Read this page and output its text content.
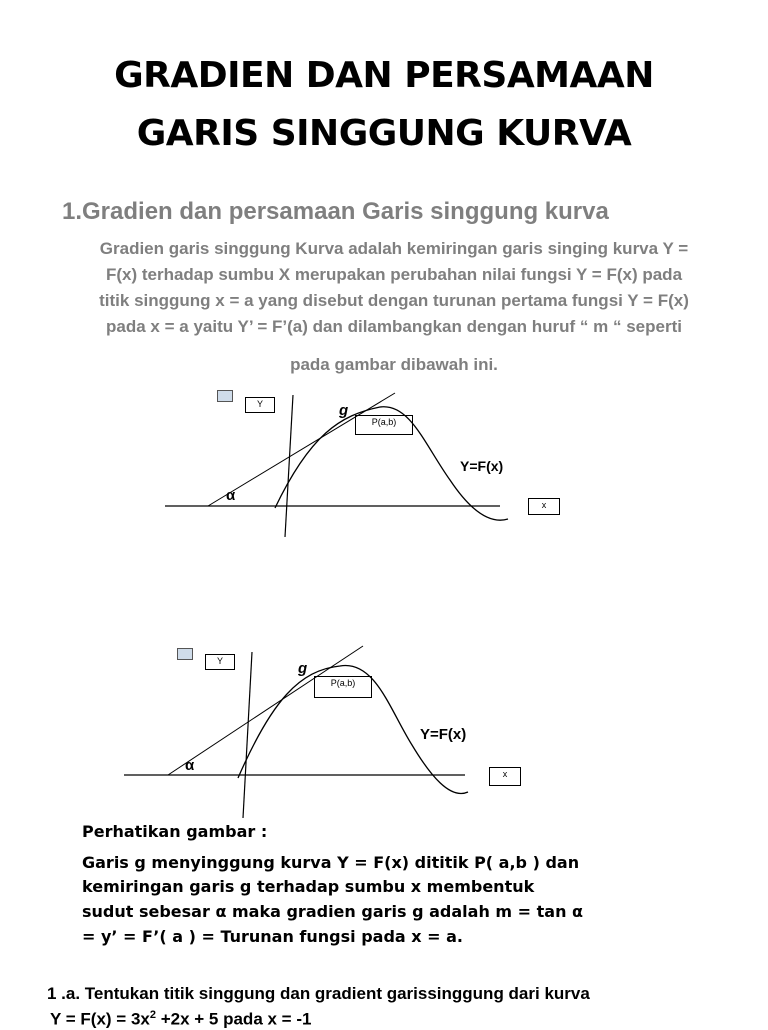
GRADIEN DAN PERSAMAAN
GARIS SINGGUNG KURVA
1.Gradien dan persamaan Garis singgung kurva
Gradien garis singgung Kurva adalah kemiringan garis singing kurva Y =
F(x) terhadap sumbu X merupakan perubahan nilai fungsi Y = F(x) pada
titik singgung x = a yang disebut dengan turunan pertama fungsi Y = F(x)
pada x = a yaitu Y’ = F’(a) dan dilambangkan dengan huruf “ m “ seperti
pada gambar dibawah ini.
Y
P(a,b)
x
g
Y=F(x)
α
Y
P(a,b)
x
g
Y=F(x)
α
Perhatikan gambar :
Garis g menyinggung kurva Y = F(x) dititik P( a,b ) dan
kemiringan garis g terhadap sumbu x membentuk
sudut sebesar α maka gradien garis g adalah m = tan α
= y’ = F’( a ) = Turunan fungsi pada x = a.
1 .a. Tentukan titik singgung dan gradient garissinggung dari kurva
$Y = F(x) = 3x^2 +2x + 5$ pada x = -1
